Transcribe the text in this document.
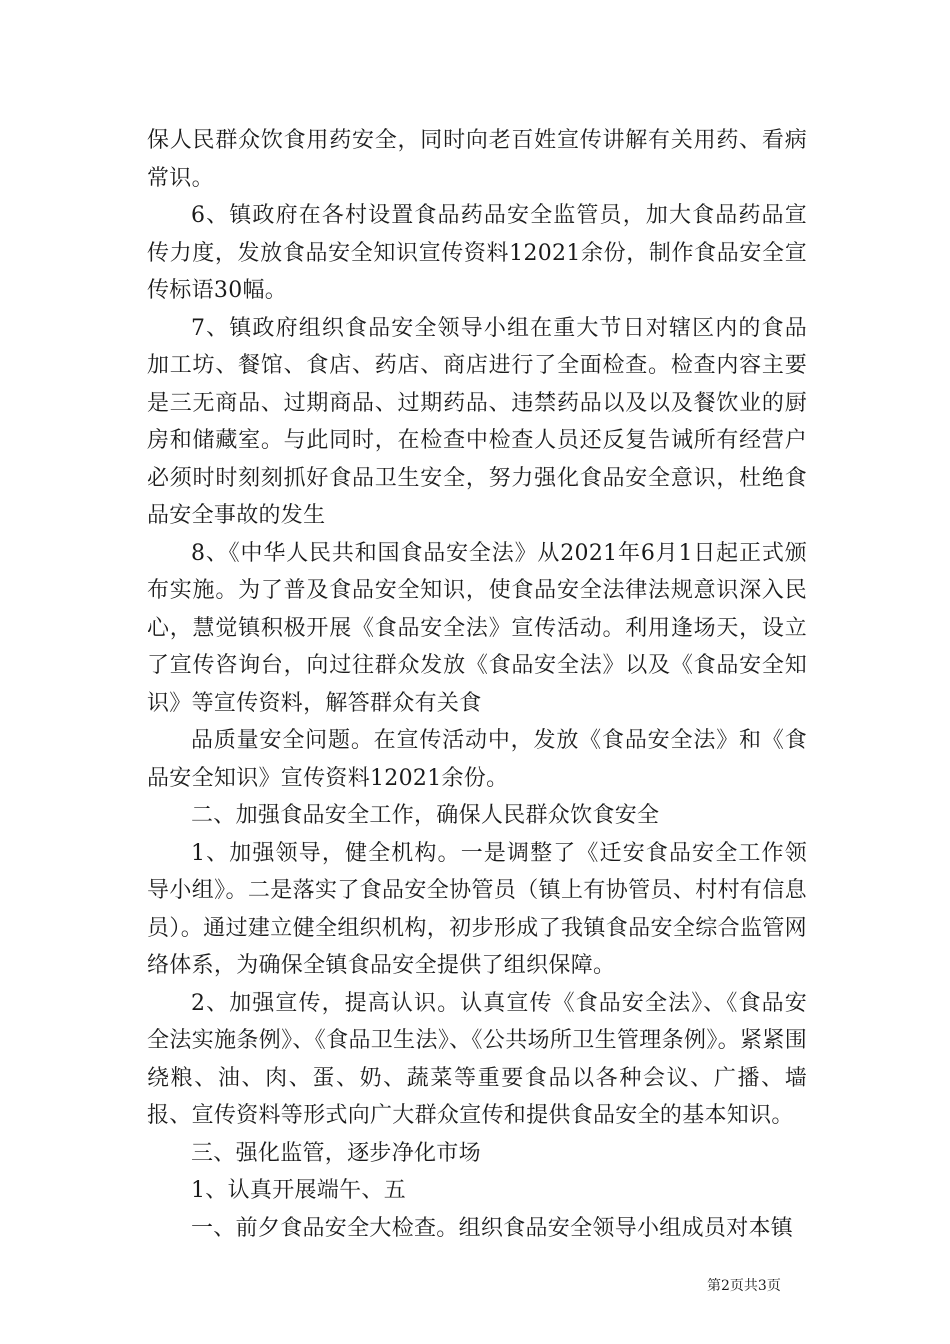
保人民群众饮食用药安全，同时向老百姓宣传讲解有关用药、看病常识。

6、镇政府在各村设置食品药品安全监管员，加大食品药品宣传力度，发放食品安全知识宣传资料12021余份，制作食品安全宣传标语30幅。

7、镇政府组织食品安全领导小组在重大节日对辖区内的食品加工坊、餐馆、食店、药店、商店进行了全面检查。检查内容主要是三无商品、过期商品、过期药品、违禁药品以及以及餐饮业的厨房和储藏室。与此同时，在检查中检查人员还反复告诫所有经营户必须时时刻刻抓好食品卫生安全，努力强化食品安全意识，杜绝食品安全事故的发生

8、《中华人民共和国食品安全法》从2021年6月1日起正式颁布实施。为了普及食品安全知识，使食品安全法律法规意识深入民心，慧觉镇积极开展《食品安全法》宣传活动。利用逢场天，设立了宣传咨询台，向过往群众发放《食品安全法》以及《食品安全知识》等宣传资料，解答群众有关食

品质量安全问题。在宣传活动中，发放《食品安全法》和《食品安全知识》宣传资料12021余份。

二、加强食品安全工作，确保人民群众饮食安全

1、加强领导，健全机构。一是调整了《迁安食品安全工作领导小组》。二是落实了食品安全协管员（镇上有协管员、村村有信息员）。通过建立健全组织机构，初步形成了我镇食品安全综合监管网络体系，为确保全镇食品安全提供了组织保障。

2、加强宣传，提高认识。认真宣传《食品安全法》、《食品安全法实施条例》、《食品卫生法》、《公共场所卫生管理条例》。紧紧围绕粮、油、肉、蛋、奶、蔬菜等重要食品以各种会议、广播、墙报、宣传资料等形式向广大群众宣传和提供食品安全的基本知识。

三、强化监管，逐步净化市场

1、认真开展端午、五

一、前夕食品安全大检查。组织食品安全领导小组成员对本镇

第2页共3页
